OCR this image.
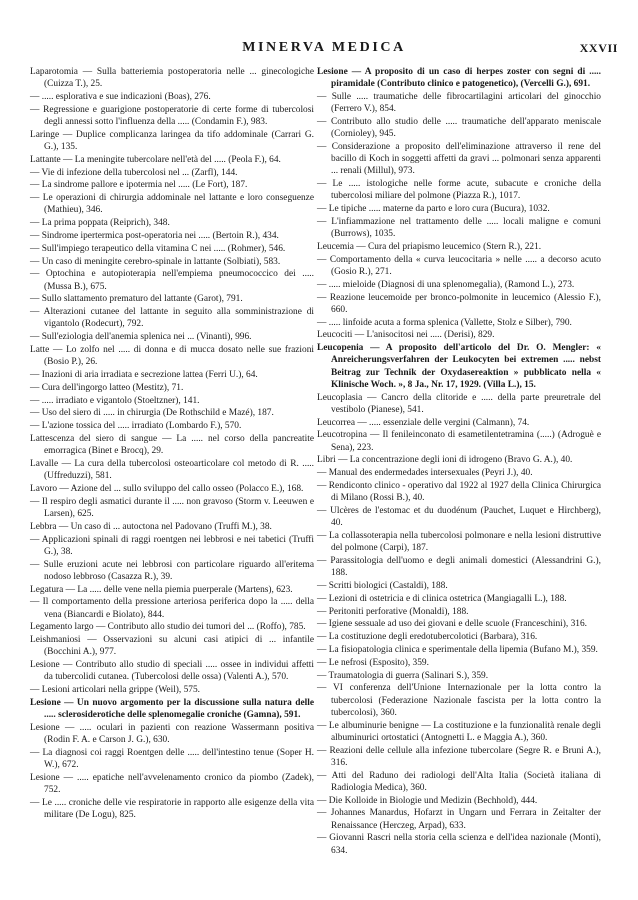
MINERVA MEDICA	XXVII
Laparotomia — Sulla batteriemia postoperatoria nelle ... ginecologiche (Cuizza T.), 25.
— ..... esplorativa e sue indicazioni (Boas), 276.
— Regressione e guarigione postoperatorie di certe forme di tubercolosi degli annessi sotto l'influenza della ..... (Condamin F.), 983.
Laringe — Duplice complicanza laringea da tifo addominale (Carrari G. G.), 135.
Lattante — La meningite tubercolare nell'età del ..... (Peola F.), 64.
— Vie di infezione della tubercolosi nel ... (Zarfl), 144.
— La sindrome pallore e ipotermia nel ..... (Le Fort), 187.
— Le operazioni di chirurgia addominale nel lattante e loro conseguenze (Mathieu), 346.
— La prima poppata (Reiprich), 348.
— Sindrome ipertermica post-operatoria nei ..... (Bertoin R.), 434.
— Sull'impiego terapeutico della vitamina C nei ..... (Rohmer), 546.
— Un caso di meningite cerebro-spinale in lattante (Solbiati), 583.
— Optochina e autopioterapia nell'empiema pneumococcico dei ..... (Mussa B.), 675.
— Sullo slattamento prematuro del lattante (Garot), 791.
— Alterazioni cutanee del lattante in seguito alla somministrazione di vigantolo (Rodecurt), 792.
— Sull'eziologia dell'anemia splenica nei ... (Vinanti), 996.
Latte — Lo zolfo nel ..... di donna e di mucca dosato nelle sue frazioni (Bosio P.), 26.
— Inazioni di aria irradiata e secrezione lattea (Ferri U.), 64.
— Cura dell'ingorgo latteo (Mestitz), 71.
— ..... irradiato e vigantolo (Stoeltzner), 141.
— Uso del siero di ..... in chirurgia (De Rothschild e Mazé), 187.
— L'azione tossica del ..... irradiato (Lombardo F.), 570.
Lattescenza del siero di sangue — La ..... nel corso della pancreatite emorragica (Binet e Brocq), 29.
Lavalle — La cura della tubercolosi osteoarticolare col metodo di R. ..... (Uffreduzzi), 581.
Lavoro — Azione del ... sullo sviluppo del callo osseo (Polacco E.), 168.
— Il respiro degli asmatici durante il ..... non gravoso (Storm v. Leeuwen e Larsen), 625.
Lebbra — Un caso di ... autoctona nel Padovano (Truffi M.), 38.
— Applicazioni spinali di raggi roentgen nei lebbrosi e nei tabetici (Truffi G.), 38.
— Sulle eruzioni acute nei lebbrosi con particolare riguardo all'eritema nodoso lebbroso (Casazza R.), 39.
Legatura — La ..... delle vene nella piemia puerperale (Martens), 623.
— Il comportamento della pressione arteriosa periferica dopo la ..... della vena (Biancardi e Biolato), 844.
Legamento largo — Contributo allo studio dei tumori del ... (Roffo), 785.
Leishmaniosi — Osservazioni su alcuni casi atipici di ... infantile (Bocchini A.), 977.
Lesione — Contributo allo studio di speciali ..... ossee in individui affetti da tubercolidi cutanea. (Tubercolosi delle ossa) (Valenti A.), 570.
— Lesioni articolari nella grippe (Weil), 575.
Lesione — Un nuovo argomento per la discussione sulla natura delle ..... sclerosiderotiche delle splenomegalie croniche (Gamna), 591.
Lesione — ..... oculari in pazienti con reazione Wassermann positiva (Rodin F. A. e Carson J. G.), 630.
— La diagnosi coi raggi Roentgen delle ..... dell'intestino tenue (Soper H. W.), 672.
Lesione — ..... epatiche nell'avvelenamento cronico da piombo (Zadek), 752.
— Le ..... croniche delle vie respiratorie in rapporto alle esigenze della vita militare (De Logu), 825.
Lesione — A proposito di un caso di herpes zoster con segni di ..... piramidale (Contributo clinico e patogenetico), (Vercelli G.), 691.
— Sulle ..... traumatiche delle fibrocartilagini articolari del ginocchio (Ferrero V.), 854.
— Contributo allo studio delle ..... traumatiche dell'apparato meniscale (Cornioley), 945.
— Considerazione a proposito dell'eliminazione attraverso il rene del bacillo di Koch in soggetti affetti da gravi ... polmonari senza apparenti ... renali (Millul), 973.
— Le ..... istologiche nelle forme acute, subacute e croniche della tubercolosi miliare del polmone (Piazza R.), 1017.
— Le tipiche ..... materne da parto e loro cura (Bucura), 1032.
— L'infiammazione nel trattamento delle ..... locali maligne e comuni (Burrows), 1035.
Leucemia — Cura del priapismo leucemico (Stern R.), 221.
— Comportamento della « curva leucocitaria » nelle ..... a decorso acuto (Gosio R.), 271.
— ..... mieloide (Diagnosi di una splenomegalia), (Ramond L.), 273.
— Reazione leucemoide per bronco-polmonite in leucemico (Alessio F.), 660.
— ..... linfoide acuta a forma splenica (Vallette, Stolz e Silber), 790.
Leucociti — L'anisocitosi nei ..... (Derisi), 829.
Leucopenia — A proposito dell'articolo del Dr. O. Mengler: « Anreicherungsverfahren der Leukocyten bei extremen ..... nebst Beitrag zur Technik der Oxydasereaktion » pubblicato nella « Klinische Woch. », 8 Ja., Nr. 17, 1929. (Villa L.), 15.
Leucoplasia — Cancro della clitoride e ..... della parte preuretrale del vestibolo (Pianese), 541.
Leucorrea — ..... essenziale delle vergini (Calmann), 74.
Leucotropina — Il fenileinconato di esametilentetramina (.....) (Adroguè e Sena), 223.
Libri — La concentrazione degli ioni di idrogeno (Bravo G. A.), 40.
— Manual des endermedades intersexuales (Peyri J.), 40.
— Rendiconto clinico - operativo dal 1922 al 1927 della Clinica Chirurgica di Milano (Rossi B.), 40.
— Ulcères de l'estomac et du duodénum (Pauchet, Luquet e Hirchberg), 40.
— La collassoterapia nella tubercolosi polmonare e nella lesioni distruttive del polmone (Carpi), 187.
— Parassitologia dell'uomo e degli animali domestici (Alessandrini G.), 188.
— Scritti biologici (Castaldi), 188.
— Lezioni di ostetricia e di clinica ostetrica (Mangiagalli L.), 188.
— Peritoniti perforative (Monaldi), 188.
— Igiene sessuale ad uso dei giovani e delle scuole (Franceschini), 316.
— La costituzione degli eredotubercolotici (Barbara), 316.
— La fisiopatologia clinica e sperimentale della lipemia (Bufano M.), 359.
— Le nefrosi (Esposito), 359.
— Traumatologia di guerra (Salinari S.), 359.
— VI conferenza dell'Unione Internazionale per la lotta contro la tubercolosi (Federazione Nazionale fascista per la lotta contro la tubercolosi), 360.
— Le albuminurie benigne — La costituzione e la funzionalità renale degli albuminurici ortostatici (Antognetti L. e Maggia A.), 360.
— Reazioni delle cellule alla infezione tubercolare (Segre R. e Bruni A.), 316.
— Atti del Raduno dei radiologi dell'Alta Italia (Società italiana di Radiologia Medica), 360.
— Die Kolloide in Biologie und Medizin (Bechhold), 444.
— Johannes Manardus, Hofarzt in Ungarn und Ferrara in Zeitalter der Renaissance (Herczeg, Arpad), 633.
— Giovanni Rascri nella storia cella scienza e dell'idea nazionale (Monti), 634.
